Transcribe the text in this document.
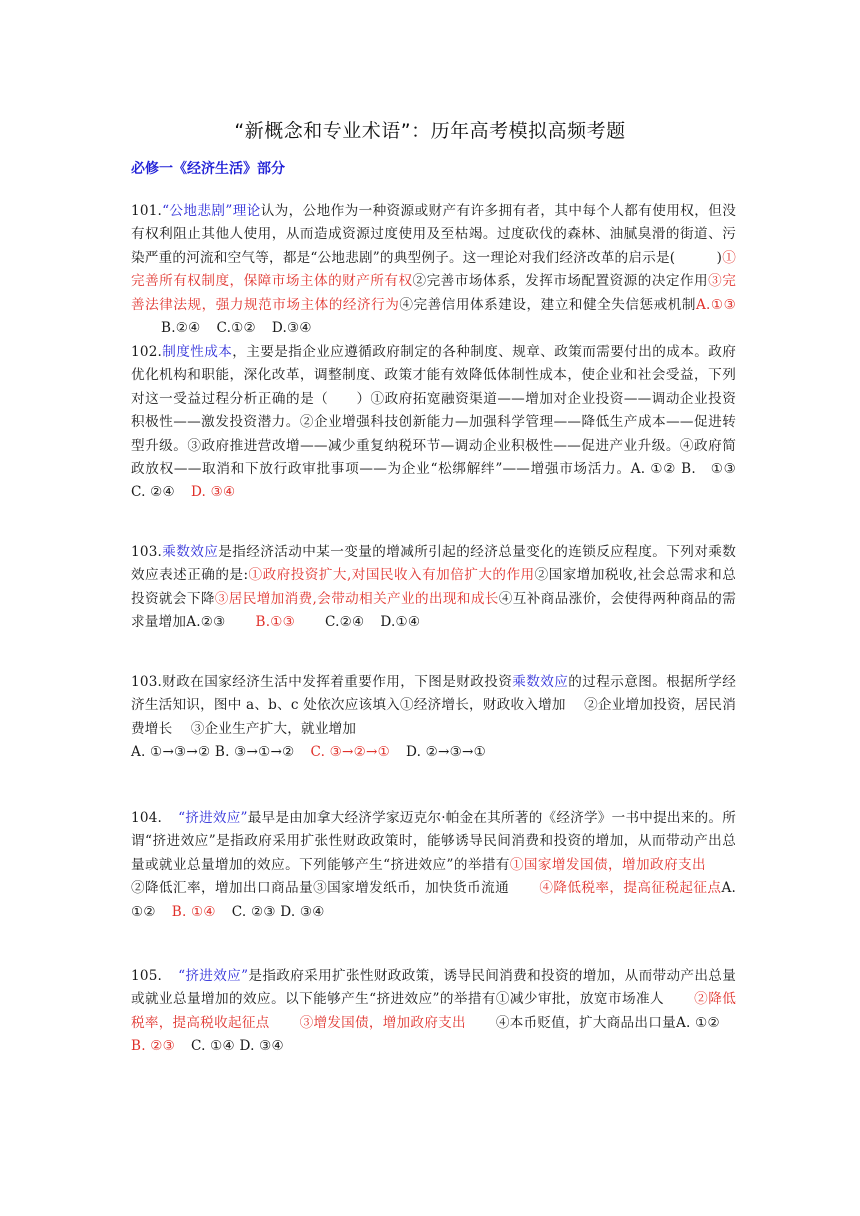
“新概念和专业术语”：历年高考模拟高频考题
必修一《经济生活》部分
101.“公地悲剧”理论认为，公地作为一种资源或财产有许多拥有者，其中每个人都有使用权，但没有权利阻止其他人使用，从而造成资源过度使用及至枯竭。过度砍伐的森林、油腻臭滑的街道、污染严重的河流和空气等，都是“公地悲剧”的典型例子。这一理论对我们经济改革的启示是(　　　)①完善所有权制度，保障市场主体的财产所有权②完善市场体系，发挥市场配置资源的决定作用③完善法律法规，强力规范市场主体的经济行为④完善信用体系建设，建立和健全失信惩戒机制A.①③B.②④ C.①② D.③④
102.制度性成本，主要是指企业应遵循政府制定的各种制度、规章、政策而需要付出的成本。政府优化机构和职能，深化改革，调整制度、政策才能有效降低体制性成本，使企业和社会受益，下列对这一受益过程分析正确的是（　　）①政府拓宽融资渠道——增加对企业投资——调动企业投资积极性——激发投资潜力。②企业增强科技创新能力—加强科学管理——降低生产成本——促进转型升级。③政府推进营改增——减少重复纳税环节—调动企业积极性——促进产业升级。④政府简政放权——取消和下放行政审批事项——为企业“松绑解绊”——增强市场活力。A. ①② B.　①③　 C. ②④ D. ③④
103.乘数效应是指经济活动中某一变量的增减所引起的经济总量变化的连锁反应程度。下列对乘数效应表述正确的是:①政府投资扩大,对国民收入有加倍扩大的作用②国家增加税收,社会总需求和总投资就会下降③居民增加消费,会带动相关产业的出现和成长④互补商品涨价，会使得两种商品的需求量增加A.②③ B.①③ C.②④ D.①④
103.财政在国家经济生活中发挥着重要作用，下图是财政投资乘数效应的过程示意图。根据所学经济生活知识，图中 a、b、c 处依次应该填入①经济增长，财政收入增加　 ②企业增加投资，居民消费增长　 ③企业生产扩大，就业增加
A. ①→③→② B. ③→①→② C. ③→②→① D. ②→③→①
104. “挤进效应”最早是由加拿大经济学家迈克尔·帕金在其所著的《经济学》一书中提出来的。所谓“挤进效应”是指政府采用扩张性财政政策时，能够诱导民间消费和投资的增加，从而带动产出总量或就业总量增加的效应。下列能够产生“挤进效应”的举措有①国家增发国债，增加政府支出②降低汇率，增加出口商品量③国家增发纸币，加快货币流通 ④降低税率，提高征税起征点A. ①② B. ①④ C. ②③ D. ③④
105. “挤进效应”是指政府采用扩张性财政政策，诱导民间消费和投资的增加，从而带动产出总量或就业总量增加的效应。以下能够产生“挤进效应”的举措有①减少审批，放宽市场准人 ②降低税率，提高税收起征点 ③增发国债，增加政府支出 ④本币贬值，扩大商品出口量A. ①②B. ②③ C. ①④ D. ③④
